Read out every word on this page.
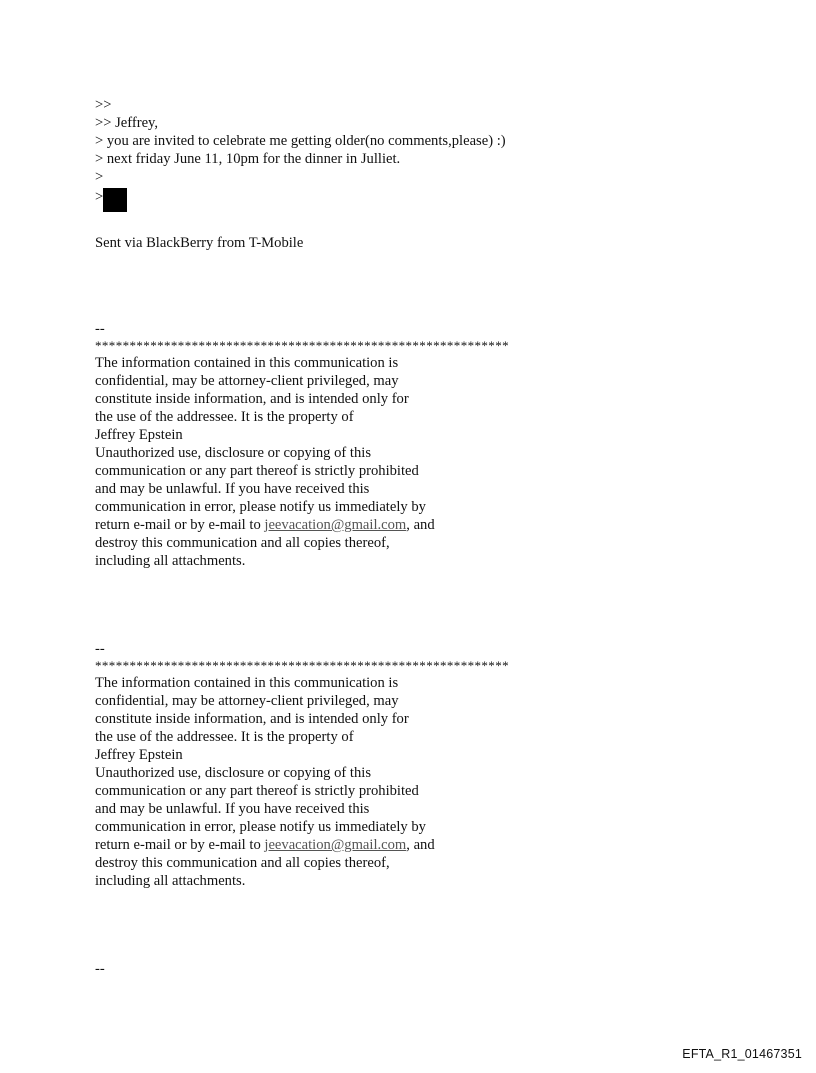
>>
>> Jeffrey,
> you are invited to celebrate me getting older(no comments,please) :)
> next friday June 11, 10pm for the dinner in Julliet.
>
>
Sent via BlackBerry from T-Mobile
--
************************************************************
The information contained in this communication is
confidential, may be attorney-client privileged, may
constitute inside information, and is intended only for
the use of the addressee. It is the property of
Jeffrey Epstein
Unauthorized use, disclosure or copying of this
communication or any part thereof is strictly prohibited
and may be unlawful. If you have received this
communication in error, please notify us immediately by
return e-mail or by e-mail to jeevacation@gmail.com, and
destroy this communication and all copies thereof,
including all attachments.
--
************************************************************
The information contained in this communication is
confidential, may be attorney-client privileged, may
constitute inside information, and is intended only for
the use of the addressee. It is the property of
Jeffrey Epstein
Unauthorized use, disclosure or copying of this
communication or any part thereof is strictly prohibited
and may be unlawful. If you have received this
communication in error, please notify us immediately by
return e-mail or by e-mail to jeevacation@gmail.com, and
destroy this communication and all copies thereof,
including all attachments.
--
EFTA_R1_01467351
